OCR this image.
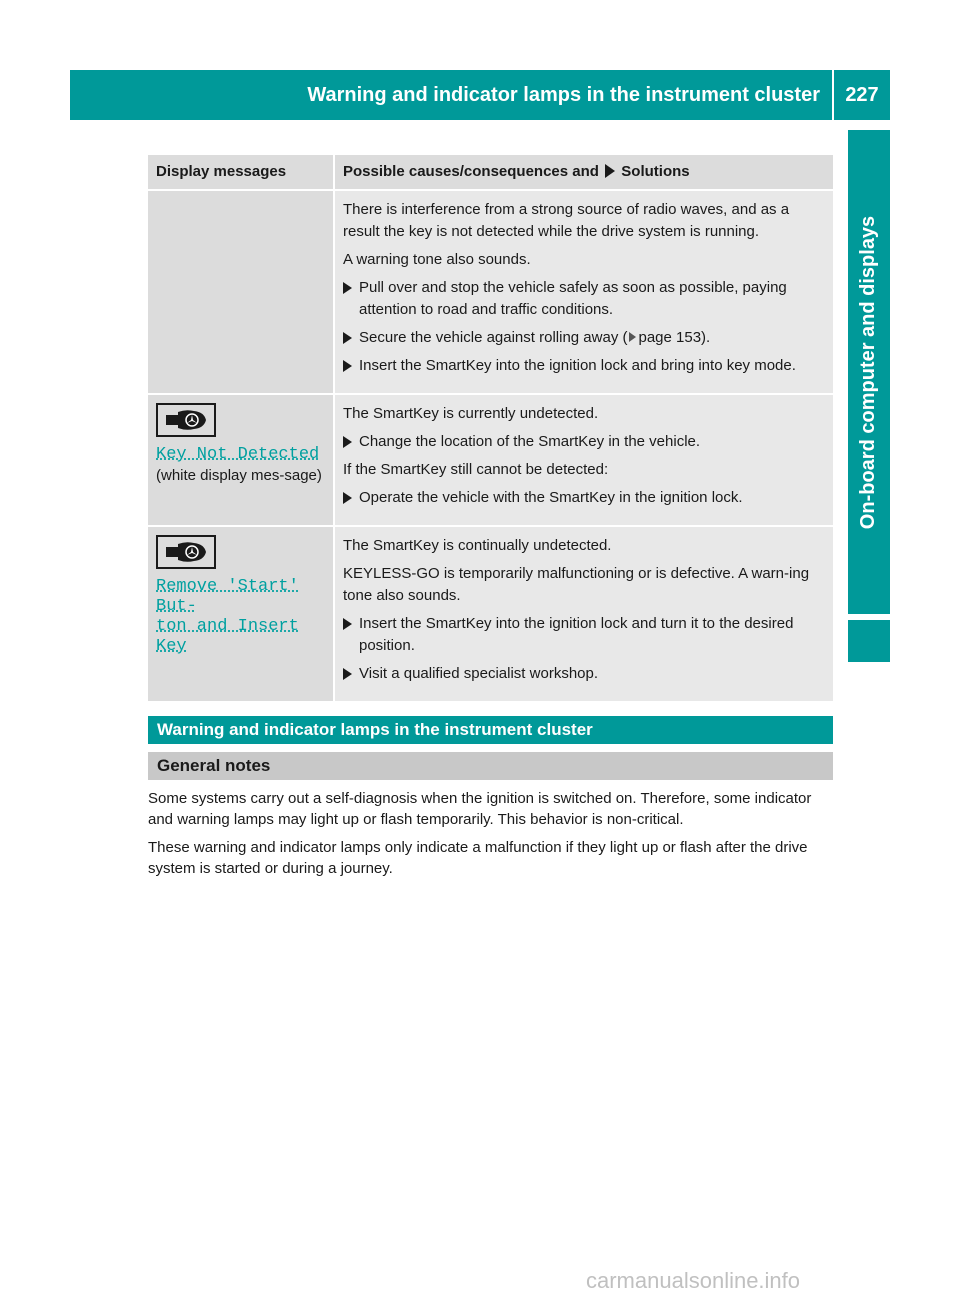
Warning and indicator lamps in the instrument cluster 227
On-board computer and displays
Display messages	Possible causes/consequences and Solutions

There is interference from a strong source of radio waves, and as a result the key is not detected while the drive system is running.

A warning tone also sounds.

Pull over and stop the vehicle safely as soon as possible, paying attention to road and traffic conditions.
Secure the vehicle against rolling away ( page 153).
Insert the SmartKey into the ignition lock and bring into key mode.
Key Not Detected
(white display mes-sage)

The SmartKey is currently undetected.

Change the location of the SmartKey in the vehicle.

If the SmartKey still cannot be detected:

Operate the vehicle with the SmartKey in the ignition lock.
Remove 'Start' But‐
ton and Insert Key

The SmartKey is continually undetected.

KEYLESS-GO is temporarily malfunctioning or is defective. A warn-ing tone also sounds.

Insert the SmartKey into the ignition lock and turn it to the desired position.
Visit a qualified specialist workshop.
Warning and indicator lamps in the instrument cluster
General notes

Some systems carry out a self-diagnosis when the ignition is switched on. Therefore, some indicator and warning lamps may light up or flash temporarily. This behavior is non-critical.

These warning and indicator lamps only indicate a malfunction if they light up or flash after the drive system is started or during a journey.

carmanualsonline.info
